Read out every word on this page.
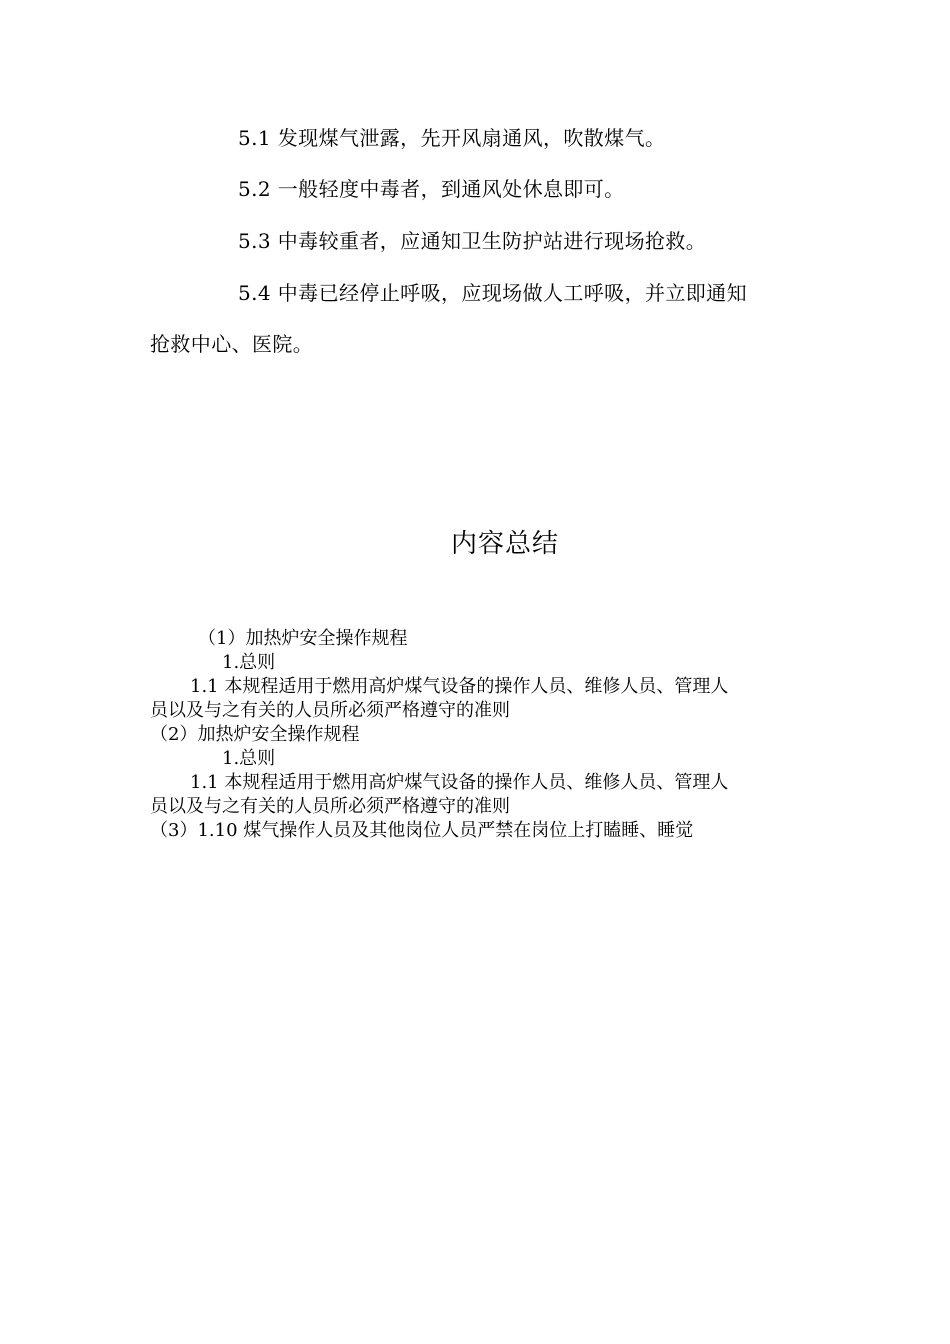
5.1 发现煤气泄露，先开风扇通风，吹散煤气。
5.2 一般轻度中毒者，到通风处休息即可。
5.3 中毒较重者，应通知卫生防护站进行现场抢救。
5.4 中毒已经停止呼吸，应现场做人工呼吸，并立即通知
抢救中心、医院。
内容总结
（1）加热炉安全操作规程
1.总则
1.1 本规程适用于燃用高炉煤气设备的操作人员、维修人员、管理人
员以及与之有关的人员所必须严格遵守的准则
（2）加热炉安全操作规程
1.总则
1.1 本规程适用于燃用高炉煤气设备的操作人员、维修人员、管理人
员以及与之有关的人员所必须严格遵守的准则
（3）1.10 煤气操作人员及其他岗位人员严禁在岗位上打瞌睡、睡觉
